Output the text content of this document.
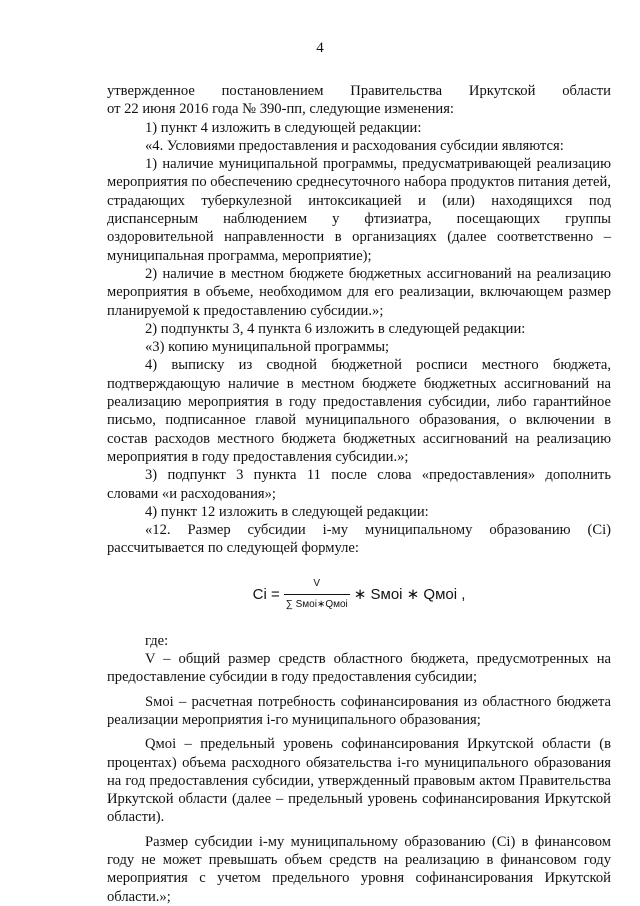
4

утвержденное постановлением Правительства Иркутской области

от 22 июня 2016 года № 390-пп, следующие изменения:

1) пункт 4 изложить в следующей редакции:

«4. Условиями предоставления и расходования субсидии являются:

1) наличие муниципальной программы, предусматривающей реализацию мероприятия по обеспечению среднесуточного набора продуктов питания детей, страдающих туберкулезной интоксикацией и (или) находящихся под диспансерным наблюдением у фтизиатра, посещающих группы оздоровительной направленности в организациях (далее соответственно – муниципальная программа, мероприятие);

2) наличие в местном бюджете бюджетных ассигнований на реализацию мероприятия в объеме, необходимом для его реализации, включающем размер планируемой к предоставлению субсидии.»;

2) подпункты 3, 4 пункта 6 изложить в следующей редакции:

«3) копию муниципальной программы;

4) выписку из сводной бюджетной росписи местного бюджета, подтверждающую наличие в местном бюджете бюджетных ассигнований на реализацию мероприятия в году предоставления субсидии, либо гарантийное письмо, подписанное главой муниципального образования, о включении в состав расходов местного бюджета бюджетных ассигнований на реализацию мероприятия в году предоставления субсидии.»;

3) подпункт 3 пункта 11 после слова «предоставления» дополнить словами «и расходования»;

4) пункт 12 изложить в следующей редакции:

«12. Размер субсидии i-му муниципальному образованию (Ci) рассчитывается по следующей формуле:

$Ci = \frac{V}{\text{∑ Sмoi∗Qмoi}}$ ∗ Sмoi ∗ Qмoi ,

где:

V – общий размер средств областного бюджета, предусмотренных на предоставление субсидии в году предоставления субсидии;

Sмoi – расчетная потребность софинансирования из областного бюджета реализации мероприятия i-го муниципального образования;

Qмoi – предельный уровень софинансирования Иркутской области (в процентах) объема расходного обязательства i-го муниципального образования на год предоставления субсидии, утвержденный правовым актом Правительства Иркутской области (далее – предельный уровень софинансирования Иркутской области).

Размер субсидии i-му муниципальному образованию (Ci) в финансовом году не может превышать объем средств на реализацию в финансовом году мероприятия с учетом предельного уровня софинансирования Иркутской области.»;
